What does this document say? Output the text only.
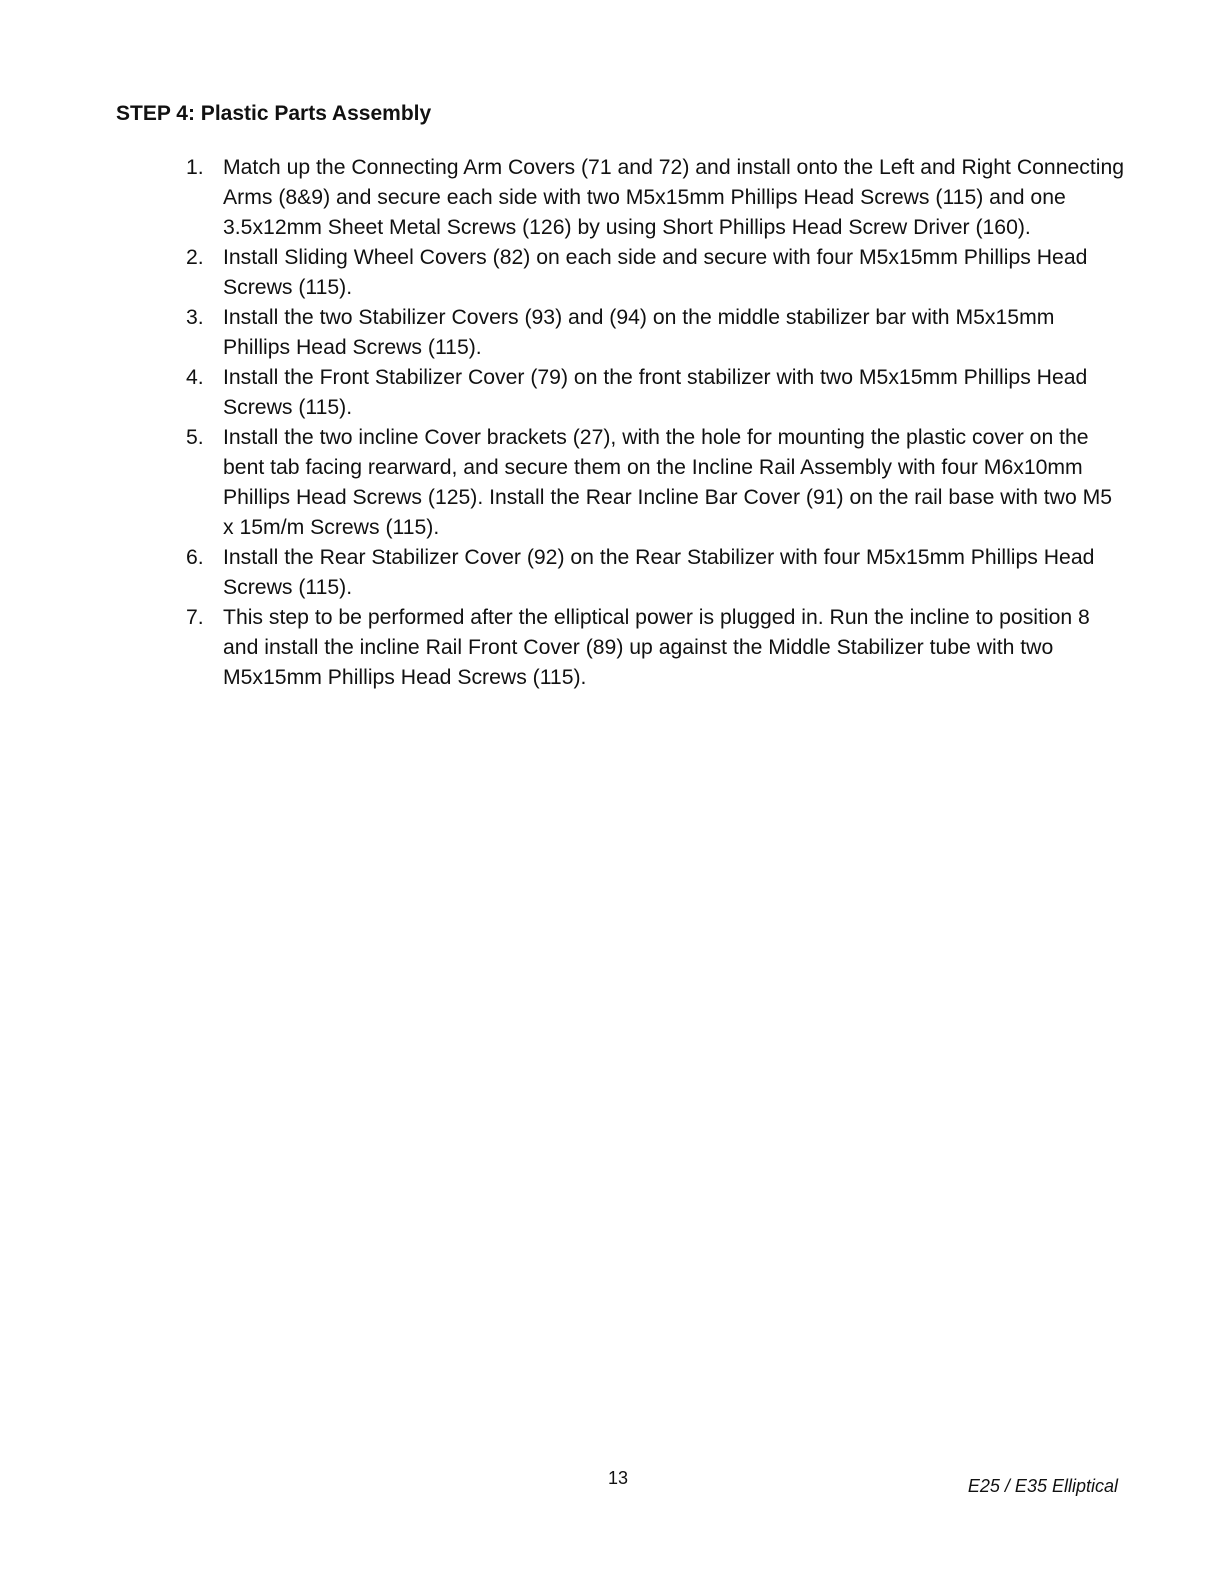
STEP 4: Plastic Parts Assembly
1. Match up the Connecting Arm Covers (71 and 72) and install onto the Left and Right Connecting Arms (8&9) and secure each side with two M5x15mm Phillips Head Screws (115) and one 3.5x12mm Sheet Metal Screws (126) by using Short Phillips Head Screw Driver (160).
2. Install Sliding Wheel Covers (82) on each side and secure with four M5x15mm Phillips Head Screws (115).
3. Install the two Stabilizer Covers (93) and (94) on the middle stabilizer bar with M5x15mm Phillips Head Screws (115).
4. Install the Front Stabilizer Cover (79) on the front stabilizer with two M5x15mm Phillips Head Screws (115).
5. Install the two incline Cover brackets (27), with the hole for mounting the plastic cover on the bent tab facing rearward, and secure them on the Incline Rail Assembly with four M6x10mm Phillips Head Screws (125). Install the Rear Incline Bar Cover (91) on the rail base with two M5 x 15m/m Screws (115).
6. Install the Rear Stabilizer Cover (92) on the Rear Stabilizer with four M5x15mm Phillips Head Screws (115).
7. This step to be performed after the elliptical power is plugged in. Run the incline to position 8 and install the incline Rail Front Cover (89) up against the Middle Stabilizer tube with two M5x15mm Phillips Head Screws (115).
13	E25 / E35 Elliptical
